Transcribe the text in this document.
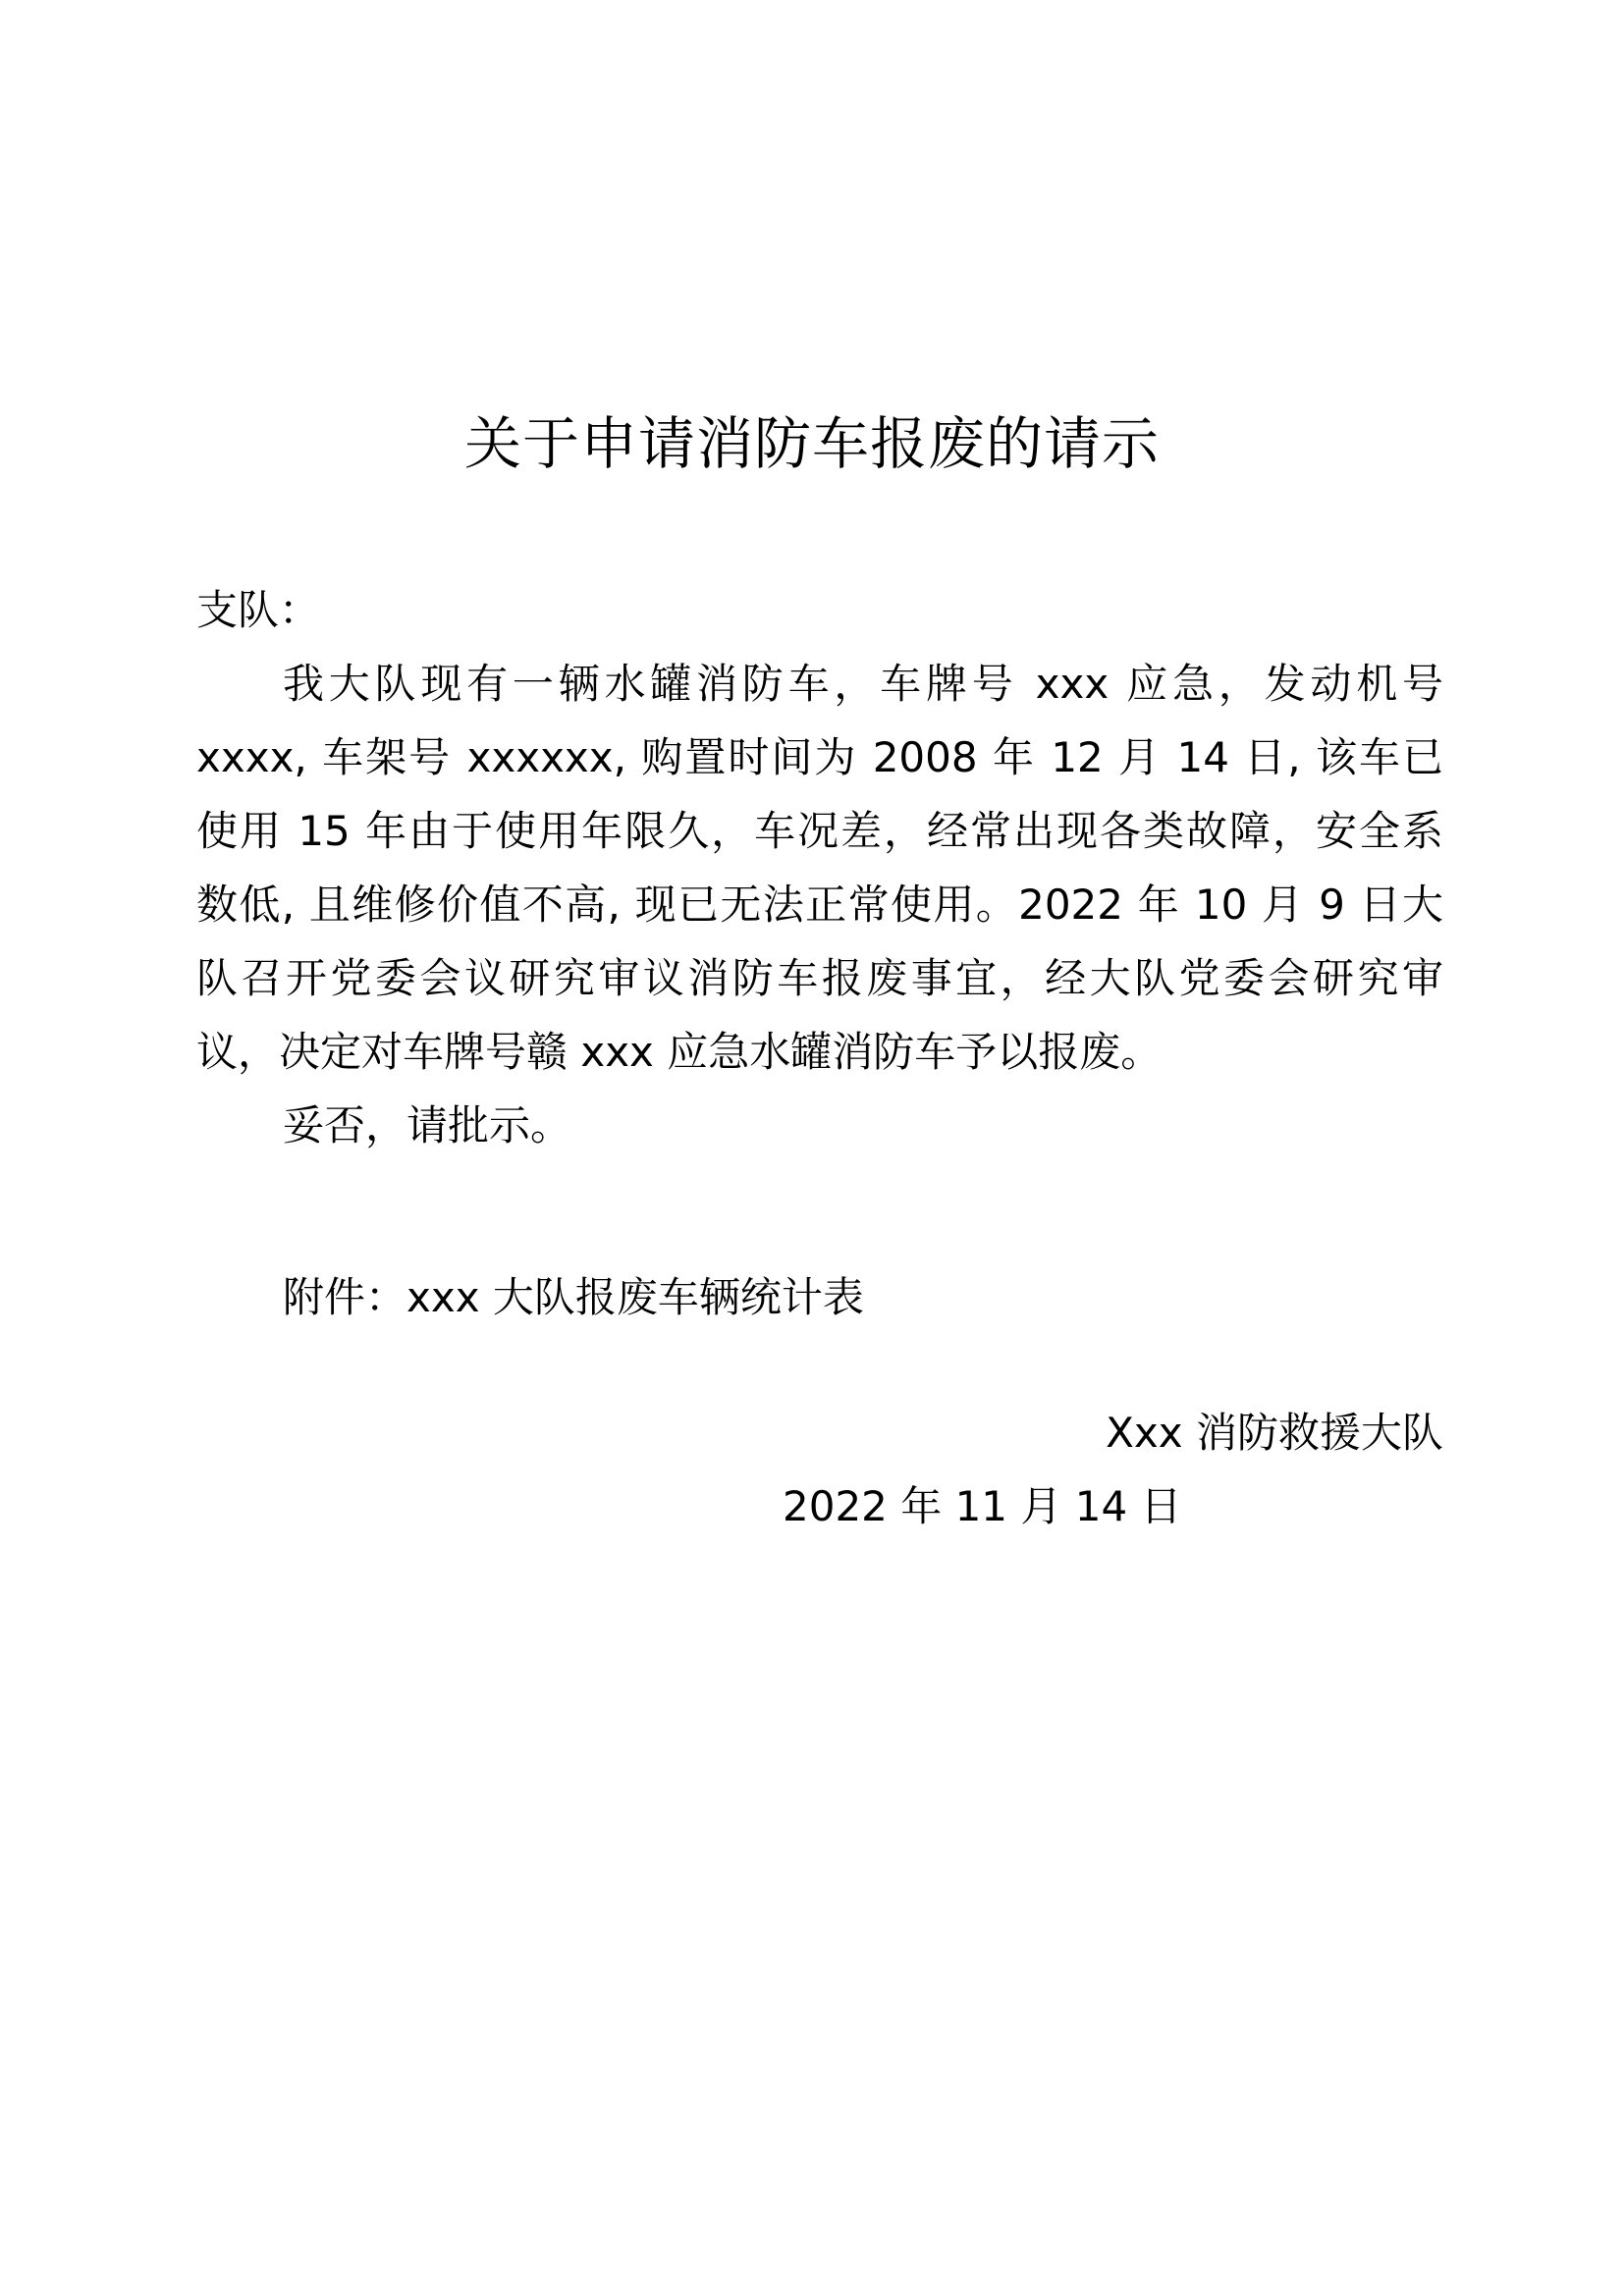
关于申请消防车报废的请示

支队：

我大队现有一辆水罐消防车，车牌号 xxx 应急，发动机号
xxxx, 车架号 xxxxxx, 购置时间为 2008 年 12 月 14 日, 该车已
使用 15 年由于使用年限久，车况差，经常出现各类故障，安全系
数低, 且维修价值不高, 现已无法正常使用。2022 年 10 月 9 日大
队召开党委会议研究审议消防车报废事宜，经大队党委会研究审
议，决定对车牌号赣 xxx 应急水罐消防车予以报废。

妥否，请批示。

附件：xxx 大队报废车辆统计表
Xxx 消防救援大队
2022 年 11 月 14 日
